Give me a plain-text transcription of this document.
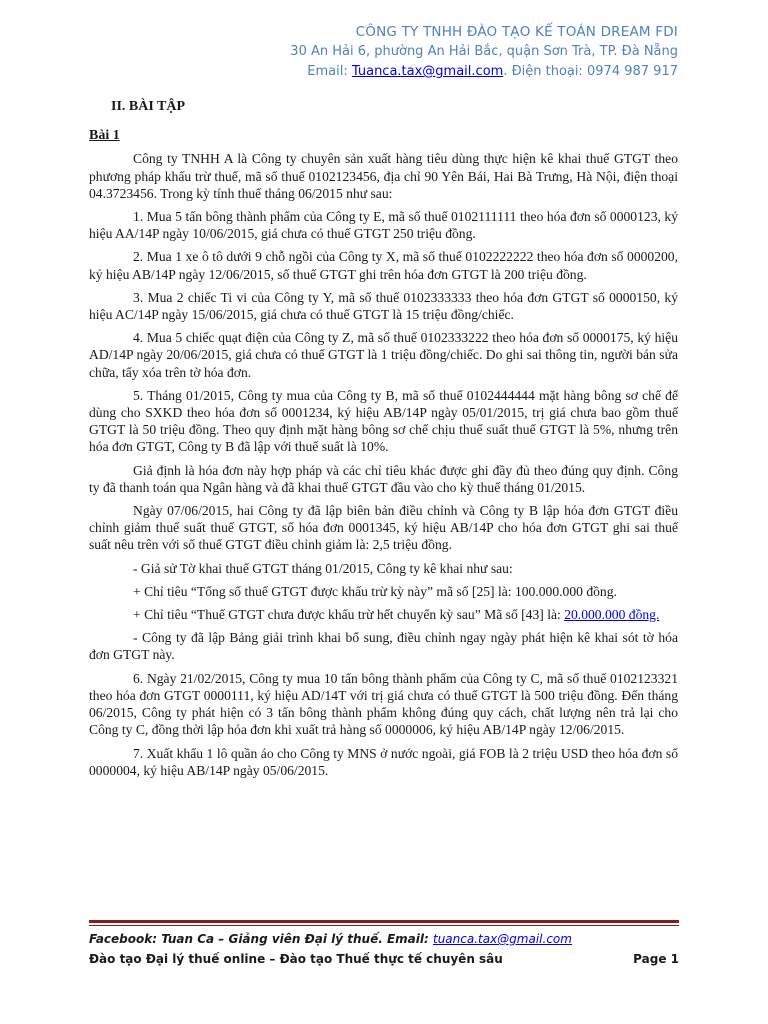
CÔNG TY TNHH ĐÀO TẠO KẾ TOÁN DREAM FDI
30 An Hải 6, phường An Hải Bắc, quận Sơn Trà, TP. Đà Nẵng
Email: Tuanca.tax@gmail.com. Điện thoại: 0974 987 917
II. BÀI TẬP
Bài 1

Công ty TNHH A là Công ty chuyên sản xuất hàng tiêu dùng thực hiện kê khai thuế GTGT theo phương pháp khấu trừ thuế, mã số thuế 0102123456, địa chỉ 90 Yên Bái, Hai Bà Trưng, Hà Nội, điện thoại 04.3723456. Trong kỳ tính thuế tháng 06/2015 như sau:

1. Mua 5 tấn bông thành phẩm của Công ty E, mã số thuế 0102111111 theo hóa đơn số 0000123, ký hiệu AA/14P ngày 10/06/2015, giá chưa có thuế GTGT 250 triệu đồng.

2. Mua 1 xe ô tô dưới 9 chỗ ngồi của Công ty X, mã số thuế 0102222222 theo hóa đơn số 0000200, ký hiệu AB/14P ngày 12/06/2015, số thuế GTGT ghi trên hóa đơn GTGT là 200 triệu đồng.

3. Mua 2 chiếc Ti vi của Công ty Y, mã số thuế 0102333333 theo hóa đơn GTGT số 0000150, ký hiệu AC/14P ngày 15/06/2015, giá chưa có thuế GTGT là 15 triệu đồng/chiếc.

4. Mua 5 chiếc quạt điện của Công ty Z, mã số thuế 0102333222 theo hóa đơn số 0000175, ký hiệu AD/14P ngày 20/06/2015, giá chưa có thuế GTGT là 1 triệu đồng/chiếc. Do ghi sai thông tin, người bán sửa chữa, tẩy xóa trên tờ hóa đơn.

5. Tháng 01/2015, Công ty mua của Công ty B, mã số thuế 0102444444 mặt hàng bông sơ chế để dùng cho SXKD theo hóa đơn số 0001234, ký hiệu AB/14P ngày 05/01/2015, trị giá chưa bao gồm thuế GTGT là 50 triệu đồng. Theo quy định mặt hàng bông sơ chế chịu thuế suất thuế GTGT là 5%, nhưng trên hóa đơn GTGT, Công ty B đã lập với thuế suất là 10%.

Giả định là hóa đơn này hợp pháp và các chỉ tiêu khác được ghi đầy đủ theo đúng quy định. Công ty đã thanh toán qua Ngân hàng và đã khai thuế GTGT đầu vào cho kỳ thuế tháng 01/2015.

Ngày 07/06/2015, hai Công ty đã lập biên bản điều chỉnh và Công ty B lập hóa đơn GTGT điều chỉnh giảm thuế suất thuế GTGT, số hóa đơn 0001345, ký hiệu AB/14P cho hóa đơn GTGT ghi sai thuế suất nêu trên với số thuế GTGT điều chỉnh giảm là: 2,5 triệu đồng.

- Giả sử Tờ khai thuế GTGT tháng 01/2015, Công ty kê khai như sau:

+ Chỉ tiêu “Tổng số thuế GTGT được khấu trừ kỳ này” mã số [25] là: 100.000.000 đồng.

+ Chỉ tiêu “Thuế GTGT chưa được khấu trừ hết chuyển kỳ sau” Mã số [43] là: 20.000.000 đồng.

- Công ty đã lập Bảng giải trình khai bổ sung, điều chỉnh ngay ngày phát hiện kê khai sót tờ hóa đơn GTGT này.

6. Ngày 21/02/2015, Công ty mua 10 tấn bông thành phẩm của Công ty C, mã số thuế 0102123321 theo hóa đơn GTGT 0000111, ký hiệu AD/14T với trị giá chưa có thuế GTGT là 500 triệu đồng. Đến tháng 06/2015, Công ty phát hiện có 3 tấn bông thành phẩm không đúng quy cách, chất lượng nên trả lại cho Công ty C, đồng thời lập hóa đơn khi xuất trả hàng số 0000006, ký hiệu AB/14P ngày 12/06/2015.

7. Xuất khẩu 1 lô quần áo cho Công ty MNS ở nước ngoài, giá FOB là 2 triệu USD theo hóa đơn số 0000004, ký hiệu AB/14P ngày 05/06/2015.

Facebook: Tuan Ca – Giảng viên Đại lý thuế. Email: tuanca.tax@gmail.com
Đào tạo Đại lý thuế online – Đào tạo Thuế thực tế chuyên sâu	Page 1
